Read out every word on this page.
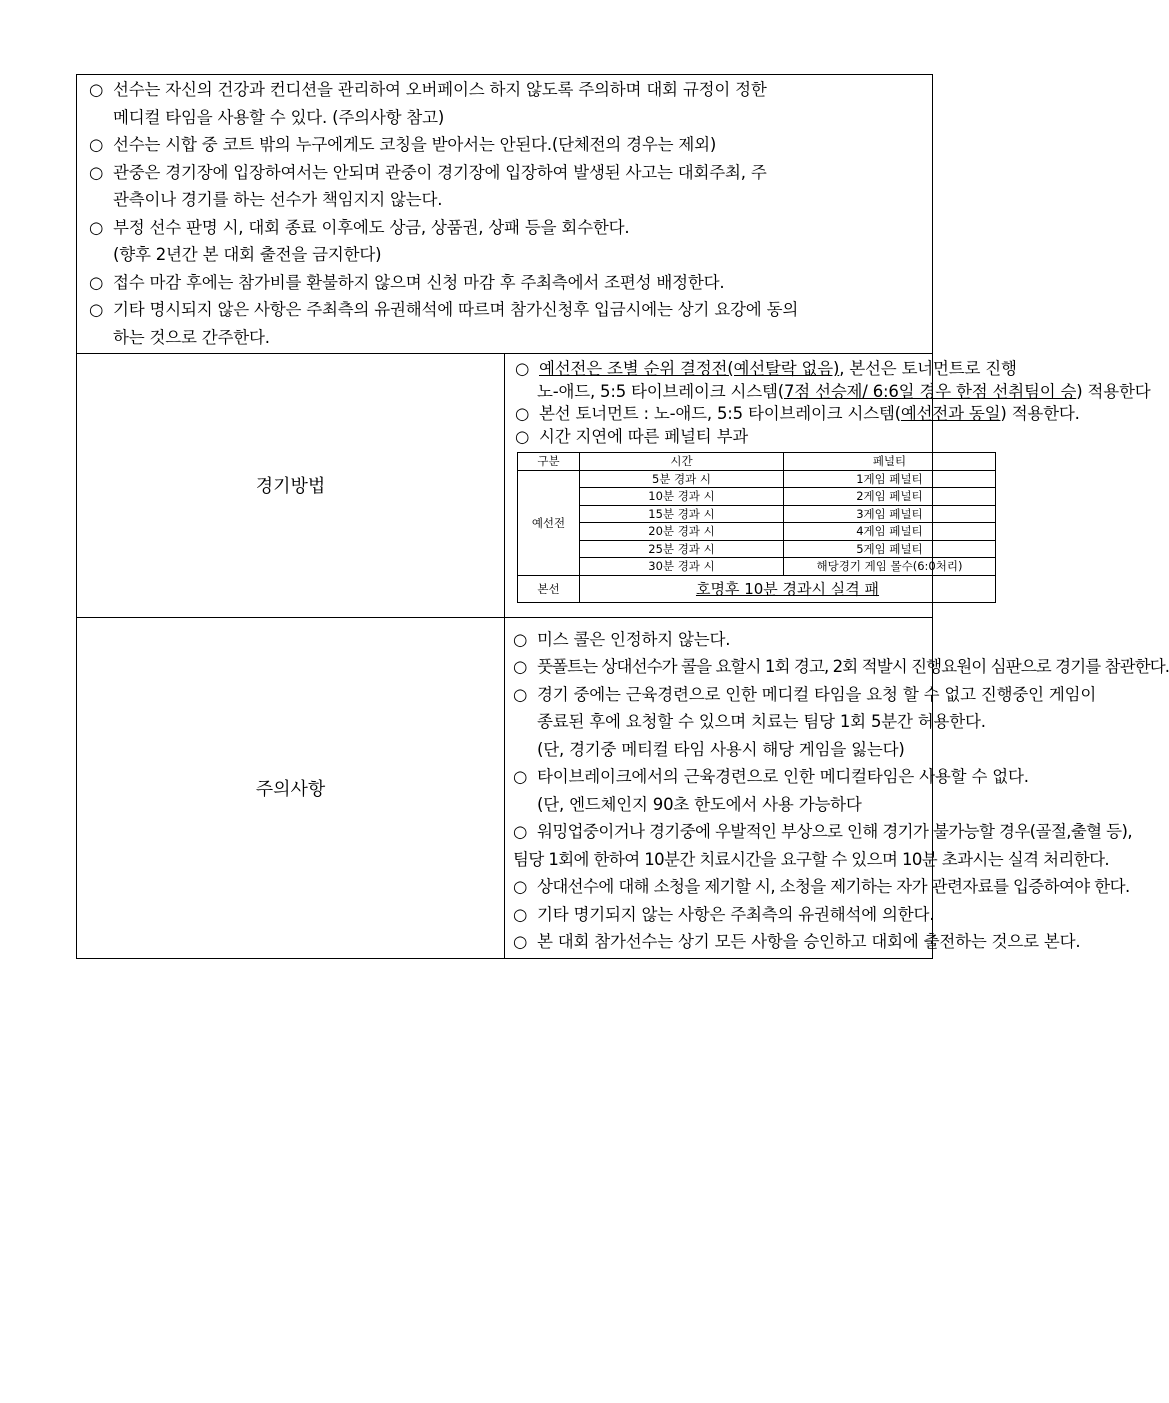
○ 선수는 자신의 건강과 컨디션을 관리하여 오버페이스 하지 않도록 주의하며 대회 규정이 정한
메디컬 타임을 사용할 수 있다. (주의사항 참고)
○ 선수는 시합 중 코트 밖의 누구에게도 코칭을 받아서는 안된다.(단체전의 경우는 제외)
○ 관중은 경기장에 입장하여서는 안되며 관중이 경기장에 입장하여 발생된 사고는 대회주최, 주
관측이나 경기를 하는 선수가 책임지지 않는다.
○ 부정 선수 판명 시, 대회 종료 이후에도 상금, 상품권, 상패 등을 회수한다.
(향후 2년간 본 대회 출전을 금지한다)
○ 접수 마감 후에는 참가비를 환불하지 않으며 신청 마감 후 주최측에서 조편성 배정한다.
○ 기타 명시되지 않은 사항은 주최측의 유권해석에 따르며 참가신청후 입금시에는 상기 요강에 동의
하는 것으로 간주한다.

경기방법	
○ 예선전은 조별 순위 결정전(예선탈락 없음), 본선은 토너먼트로 진행
노-애드, 5:5 타이브레이크 시스템(7점 선승제/ 6:6일 경우 한점 선취팀이 승) 적용한다
○ 본선 토너먼트 : 노-애드, 5:5 타이브레이크 시스템(예선전과 동일) 적용한다.
○ 시간 지연에 따른 페널티 부과
구분	시간	페널티
예선전	5분 경과 시	1게임 페널티
10분 경과 시	2게임 페널티
15분 경과 시	3게임 페널티
20분 경과 시	4게임 페널티
25분 경과 시	5게임 페널티
30분 경과 시	해당경기 게임 몰수(6:0처리)
본선	호명후 10분 경과시 실격 패

주의사항	
○ 미스 콜은 인정하지 않는다.
○ 풋폴트는 상대선수가 콜을 요할시 1회 경고, 2회 적발시 진행요원이 심판으로 경기를 참관한다.
○ 경기 중에는 근육경련으로 인한 메디컬 타임을 요청 할 수 없고 진행중인 게임이
종료된 후에 요청할 수 있으며 치료는 팀당 1회 5분간 허용한다.
(단, 경기중 메티컬 타임 사용시 해당 게임을 잃는다)
○ 타이브레이크에서의 근육경련으로 인한 메디컬타임은 사용할 수 없다.
(단, 엔드체인지 90초 한도에서 사용 가능하다
○ 워밍업중이거나 경기중에 우발적인 부상으로 인해 경기가 불가능할 경우(골절,출혈 등),
팀당 1회에 한하여 10분간 치료시간을 요구할 수 있으며 10분 초과시는 실격 처리한다.
○ 상대선수에 대해 소청을 제기할 시, 소청을 제기하는 자가 관련자료를 입증하여야 한다.
○ 기타 명기되지 않는 사항은 주최측의 유권해석에 의한다.
○ 본 대회 참가선수는 상기 모든 사항을 승인하고 대회에 출전하는 것으로 본다.
